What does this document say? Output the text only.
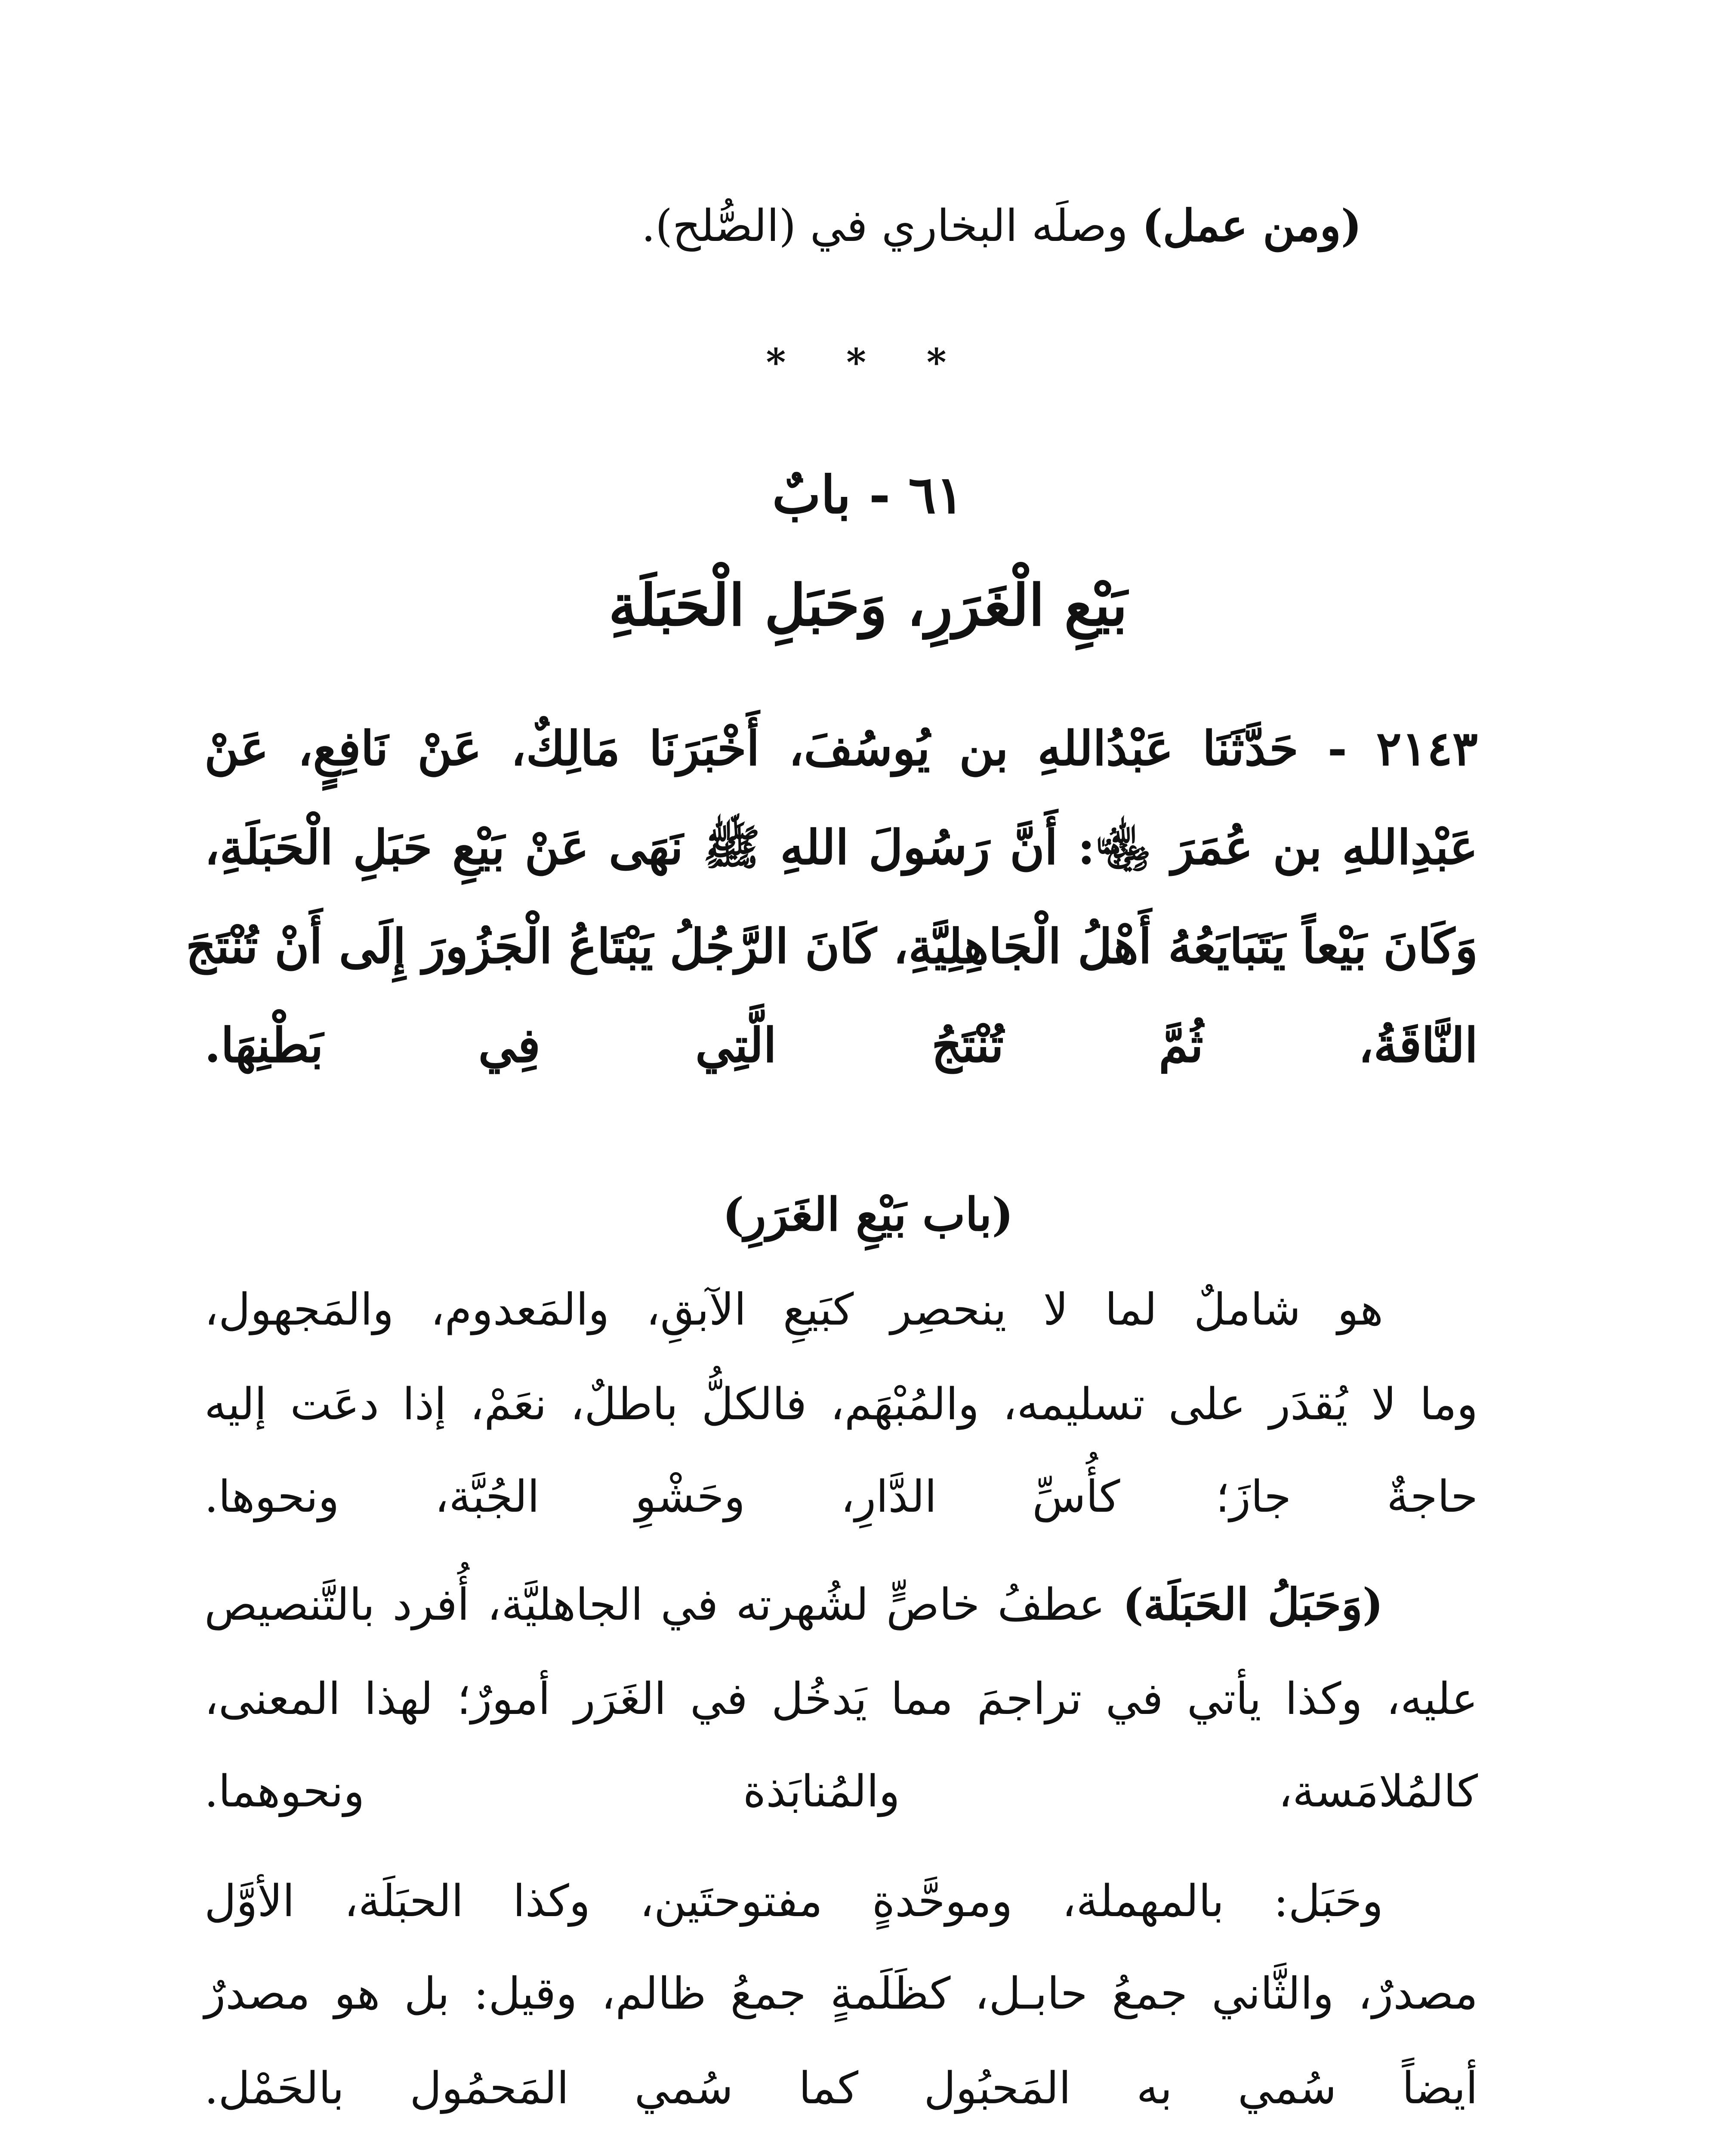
(ومن عمل) وصلَه البخاري في (الصُّلح).

* * *
٦١ - بابٌ
بَيْعِ الْغَرَرِ، وَحَبَلِ الْحَبَلَةِ
٢١٤٣ - حَدَّثَنَا عَبْدُاللهِ بن يُوسُفَ، أَخْبَرَنَا مَالِكٌ، عَنْ نَافِعٍ، عَنْ
عَبْدِاللهِ بن عُمَرَ ﵄: أَنَّ رَسُولَ اللهِ ﷺ نَهَى عَنْ بَيْعِ حَبَلِ الْحَبَلَةِ،
وَكَانَ بَيْعاً يَتَبَايَعُهُ أَهْلُ الْجَاهِلِيَّةِ، كَانَ الرَّجُلُ يَبْتَاعُ الْجَزُورَ إِلَى أَنْ تُنْتَجَ
النَّاقَةُ، ثُمَّ تُنْتَجُ الَّتِي فِي بَطْنِهَا.
(باب بَيْعِ الغَرَرِ)
هو شاملٌ لما لا ينحصِر كبَيعِ الآبقِ، والمَعدوم، والمَجهول،
وما لا يُقدَر على تسليمه، والمُبْهَم، فالكلُّ باطلٌ، نعَمْ، إذا دعَت إليه
حاجةٌ جازَ؛ كأُسِّ الدَّارِ، وحَشْوِ الجُبَّة، ونحوها.

(وَحَبَلُ الحَبَلَة) عطفُ خاصٍّ لشُهرته في الجاهليَّة، أُفرد بالتَّنصيص

عليه، وكذا يأتي في تراجمَ مما يَدخُل في الغَرَر أمورٌ؛ لهذا المعنى،
كالمُلامَسة، والمُنابَذة ونحوهما.
وحَبَل: بالمهملة، وموحَّدةٍ مفتوحتَين، وكذا الحبَلَة، الأوَّل
مصدرٌ، والثَّاني جمعُ حابـل، كظَلَمةٍ جمعُ ظالم، وقيل: بل هو مصدرٌ
أيضاً سُمي به المَحبُول كما سُمي المَحمُول بالحَمْل.
